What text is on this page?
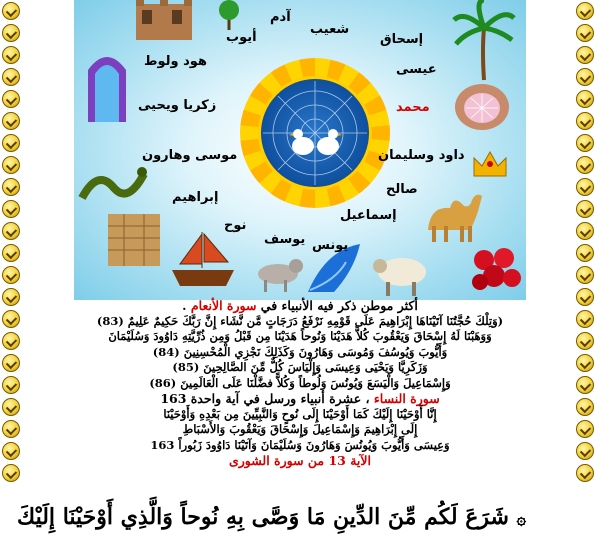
شعيب
آدم
أيوب
هود ولوط
إسحاق
عيسى
زكريا ويحيى	محمد
موسى وهارون	داود وسليمان
صالح
إبراهيم
إسماعيل
نوح
يوسف يونس
أكثر موطن ذكر فيه الأنبياء في سورة الأنعام .
(وَتِلْكَ حُجَّتُنَا آتَيْنَاهَا إِبْرَاهِيمَ عَلَى قَوْمِهِ نَرْفَعُ دَرَجَاتٍ مَّن نَّشَاء إِنَّ رَبَّكَ حَكِيمٌ عَلِيمٌ (83)
وَوَهَبْنَا لَهُ إِسْحَاقَ وَيَعْقُوبَ كُلاًّ هَدَيْنَا وَنُوحاً هَدَيْنَا مِن قَبْلُ وَمِن ذُرِّيَّتِهِ دَاوُودَ وَسُلَيْمَانَ
وَأَيُّوبَ وَيُوسُفَ وَمُوسَى وَهَارُونَ وَكَذَلِكَ نَجْزِي الْمُحْسِنِينَ (84)
وَزَكَرِيَّا وَيَحْيَى وَعِيسَى وَإِلْيَاسَ كُلٌّ مِّنَ الصَّالِحِينَ (85)
وَإِسْمَاعِيلَ وَالْيَسَعَ وَيُونُسَ وَلُوطاً وَكُلاًّ فضَّلْنَا عَلَى الْعَالَمِينَ (86)
سورة النساء ، عشرة أنبياء ورسل في آية واحدة 163
إِنَّا أَوْحَيْنَا إِلَيْكَ كَمَا أَوْحَيْنَا إِلَى نُوحٍ وَالنَّبِيِّينَ مِن بَعْدِهِ وَأَوْحَيْنَا
إِلَى إِبْرَاهِيمَ وَإِسْمَاعِيلَ وَإِسْحَاقَ وَيَعْقُوبَ وَالأَسْبَاطِ
وَعِيسَى وَأَيُّوبَ وَيُونُسَ وَهَارُونَ وَسُلَيْمَانَ وَآتَيْنَا دَاوُودَ زَبُوراً 163
الآية 13 من سورة الشورى
۞ شَرَعَ لَكُم مِّنَ الدِّينِ مَا وَصَّى بِهِ نُوحاً وَالَّذِي أَوْحَيْنَا إِلَيْكَ
